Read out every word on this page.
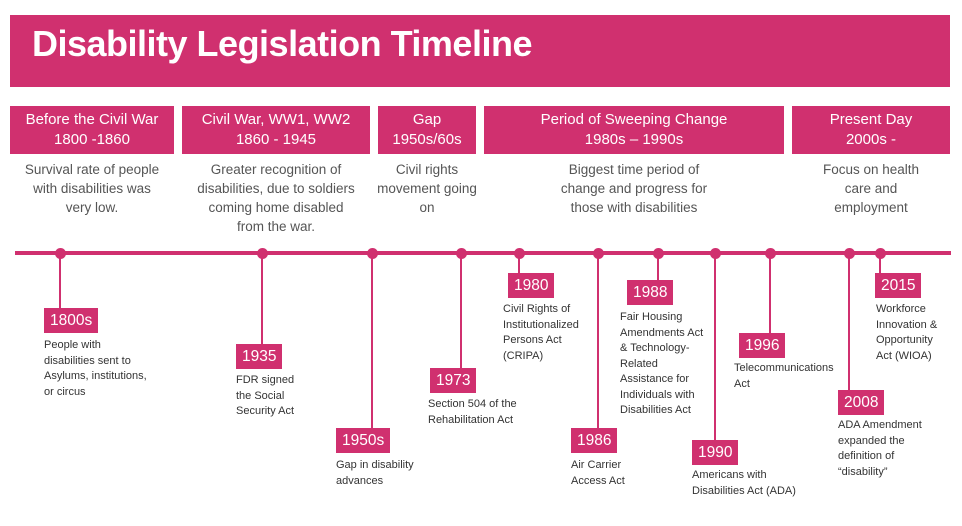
Disability Legislation Timeline
Before the Civil War
1800 -1860
Survival rate of people
with disabilities was
very low.
Civil War, WW1, WW2
1860 - 1945
Greater recognition of
disabilities, due to soldiers
coming home disabled
from the war.
Gap
1950s/60s
Civil rights
movement going
on
Period of Sweeping Change
1980s – 1990s
Biggest time period of
change and progress for
those with disabilities
Present Day
2000s -
Focus on health
care and
employment
1800s
People with
disabilities sent to
Asylums, institutions,
or circus
1935
FDR signed
the Social
Security Act
1950s
Gap in disability
advances
1973
Section 504 of the
Rehabilitation Act
1980
Civil Rights of
Institutionalized
Persons Act
(CRIPA)
1986
Air Carrier
Access Act
1988
Fair Housing
Amendments Act
& Technology-
Related
Assistance for
Individuals with
Disabilities Act
1990
Americans with
Disabilities Act (ADA)
1996
Telecommunications
Act
2008
ADA Amendment
expanded the
definition of
“disability”
2015
Workforce
Innovation &
Opportunity
Act (WIOA)
